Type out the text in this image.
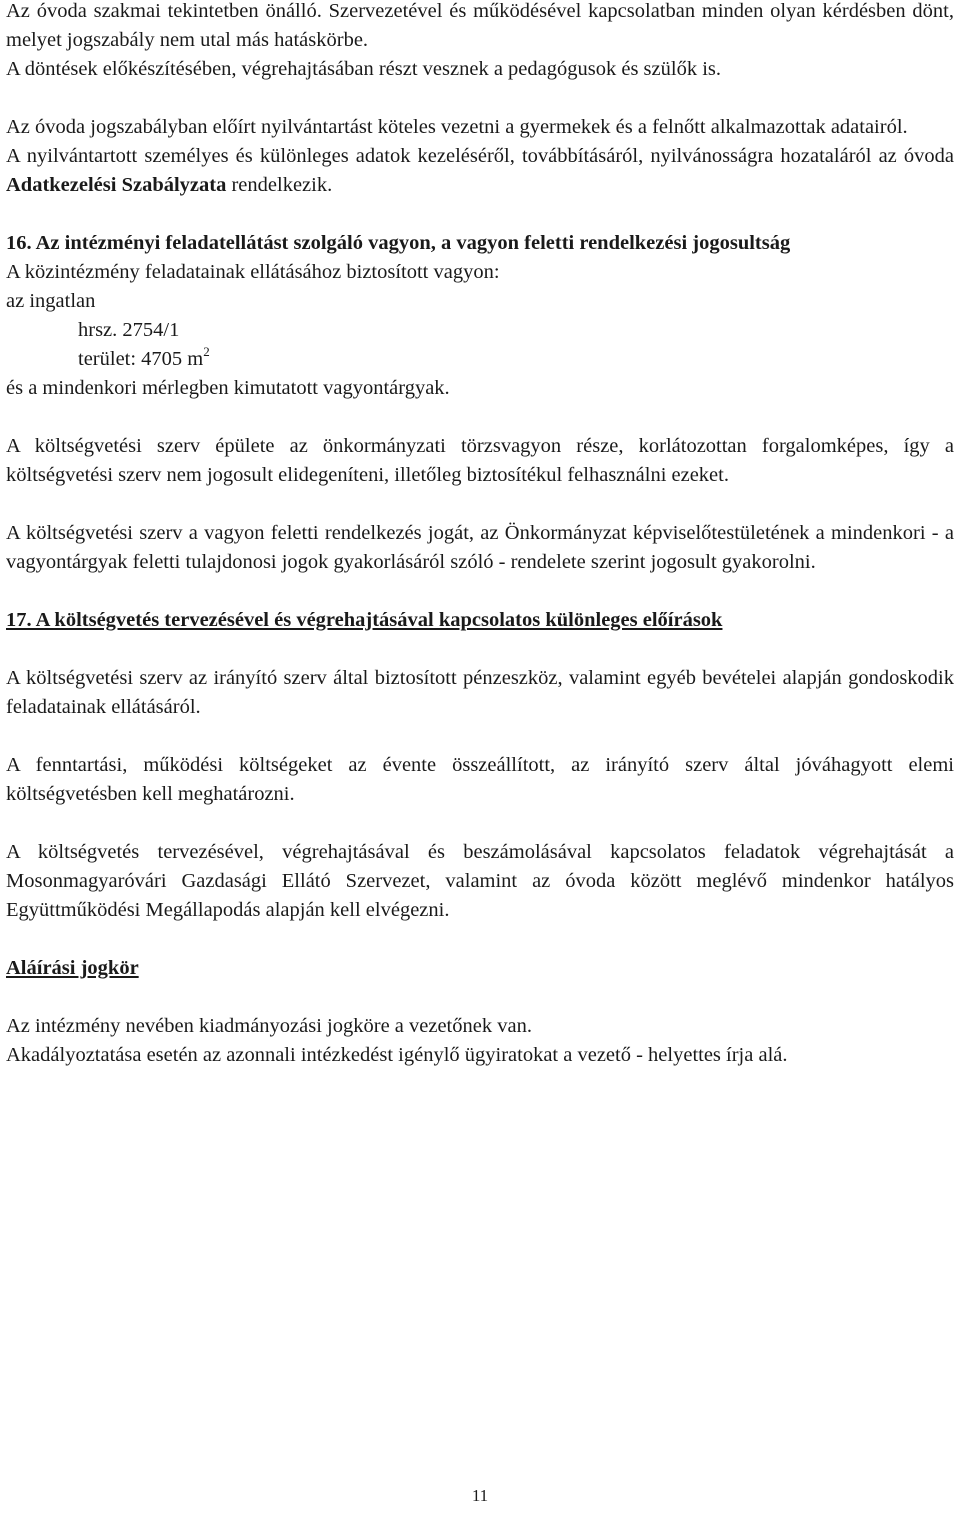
Az óvoda szakmai tekintetben önálló. Szervezetével és működésével kapcsolatban minden olyan kérdésben dönt, melyet jogszabály nem utal más hatáskörbe.

A döntések előkészítésében, végrehajtásában részt vesznek a pedagógusok és szülők is.

Az óvoda jogszabályban előírt nyilvántartást köteles vezetni a gyermekek és a felnőtt alkalmazottak adatairól.

A nyilvántartott személyes és különleges adatok kezeléséről, továbbításáról, nyilvánosságra hozataláról az óvoda Adatkezelési Szabályzata rendelkezik.

16. Az intézményi feladatellátást szolgáló vagyon, a vagyon feletti rendelkezési jogosultság

A közintézmény feladatainak ellátásához biztosított vagyon:

az ingatlan

hrsz. 2754/1

terület: 4705 $m^2$

és a mindenkori mérlegben kimutatott vagyontárgyak.

A költségvetési szerv épülete az önkormányzati törzsvagyon része, korlátozottan forgalomképes, így a költségvetési szerv nem jogosult elidegeníteni, illetőleg biztosítékul felhasználni ezeket.

A költségvetési szerv a vagyon feletti rendelkezés jogát, az Önkormányzat képviselőtestületének a mindenkori - a vagyontárgyak feletti tulajdonosi jogok gyakorlásáról szóló - rendelete szerint jogosult gyakorolni.

17. A költségvetés tervezésével és végrehajtásával kapcsolatos különleges előírások

A költségvetési szerv az irányító szerv által biztosított pénzeszköz, valamint egyéb bevételei alapján gondoskodik feladatainak ellátásáról.

A fenntartási, működési költségeket az évente összeállított, az irányító szerv által jóváhagyott elemi költségvetésben kell meghatározni.

A költségvetés tervezésével, végrehajtásával és beszámolásával kapcsolatos feladatok végrehajtását a Mosonmagyaróvári Gazdasági Ellátó Szervezet, valamint az óvoda között meglévő mindenkor hatályos Együttműködési Megállapodás alapján kell elvégezni.

Aláírási jogkör

Az intézmény nevében kiadmányozási jogköre a vezetőnek van.

Akadályoztatása esetén az azonnali intézkedést igénylő ügyiratokat a vezető - helyettes írja alá.

11
